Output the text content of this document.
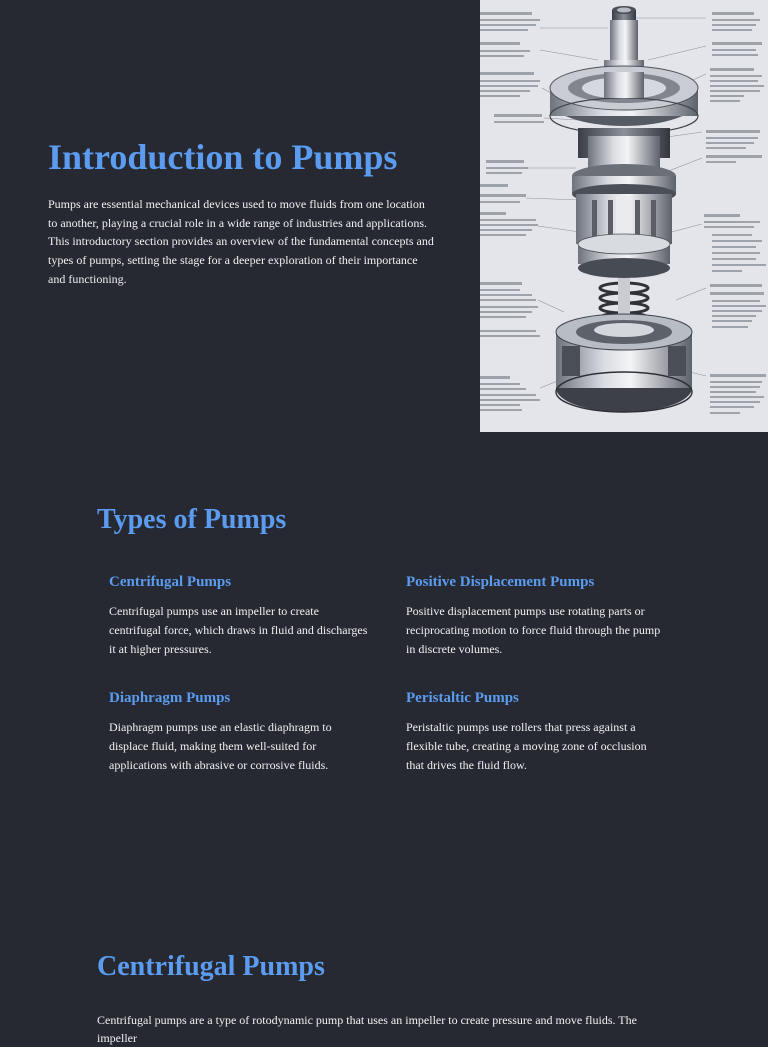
Introduction to Pumps

Pumps are essential mechanical devices used to move fluids from one location to another, playing a crucial role in a wide range of industries and applications. This introductory section provides an overview of the fundamental concepts and types of pumps, setting the stage for a deeper exploration of their importance and functioning.

Types of Pumps
Centrifugal Pumps

Centrifugal pumps use an impeller to create centrifugal force, which draws in fluid and discharges it at higher pressures.

Positive Displacement Pumps

Positive displacement pumps use rotating parts or reciprocating motion to force fluid through the pump in discrete volumes.

Diaphragm Pumps

Diaphragm pumps use an elastic diaphragm to displace fluid, making them well-suited for applications with abrasive or corrosive fluids.

Peristaltic Pumps

Peristaltic pumps use rollers that press against a flexible tube, creating a moving zone of occlusion that drives the fluid flow.

Centrifugal Pumps

Centrifugal pumps are a type of rotodynamic pump that uses an impeller to create pressure and move fluids. The impeller
